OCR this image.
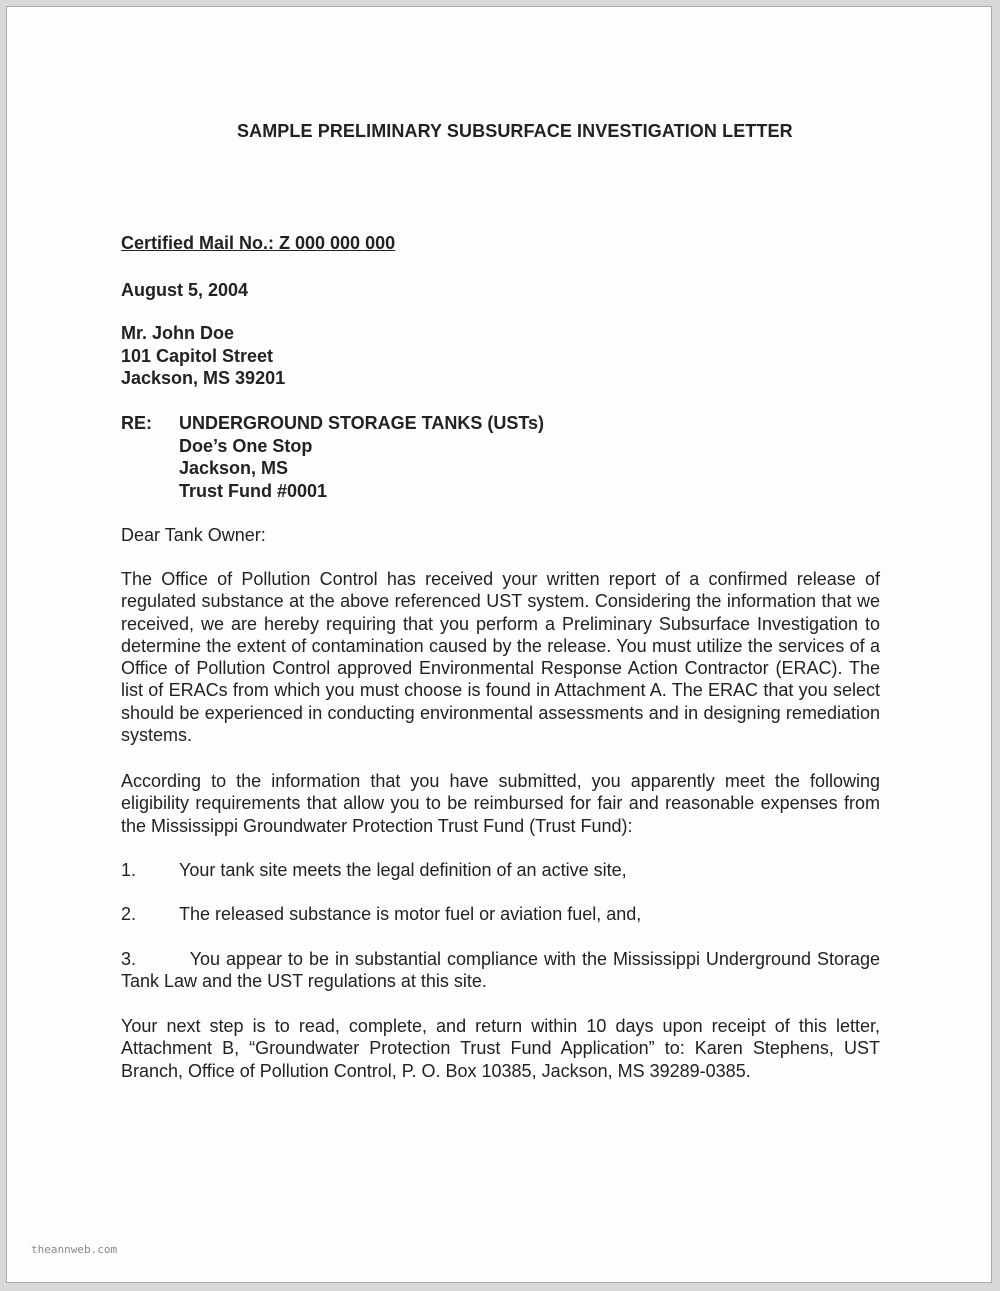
SAMPLE PRELIMINARY SUBSURFACE INVESTIGATION LETTER

Certified Mail No.: Z 000 000 000

August 5, 2004

Mr. John Doe
101 Capitol Street
Jackson, MS 39201

RE: UNDERGROUND STORAGE TANKS (USTs)
Doe’s One Stop
Jackson, MS
Trust Fund #0001

Dear Tank Owner:

The Office of Pollution Control has received your written report of a confirmed release of regulated substance at the above referenced UST system. Considering the information that we received, we are hereby requiring that you perform a Preliminary Subsurface Investigation to determine the extent of contamination caused by the release. You must utilize the services of a Office of Pollution Control approved Environmental Response Action Contractor (ERAC). The list of ERACs from which you must choose is found in Attachment A. The ERAC that you select should be experienced in conducting environmental assessments and in designing remediation systems.

According to the information that you have submitted, you apparently meet the following eligibility requirements that allow you to be reimbursed for fair and reasonable expenses from the Mississippi Groundwater Protection Trust Fund (Trust Fund):

1. Your tank site meets the legal definition of an active site,

2. The released substance is motor fuel or aviation fuel, and,

3.	You appear to be in substantial compliance with the Mississippi Underground Storage Tank Law and the UST regulations at this site.

Your next step is to read, complete, and return within 10 days upon receipt of this letter, Attachment B, “Groundwater Protection Trust Fund Application” to: Karen Stephens, UST Branch, Office of Pollution Control, P. O. Box 10385, Jackson, MS 39289-0385.

theannweb.com
